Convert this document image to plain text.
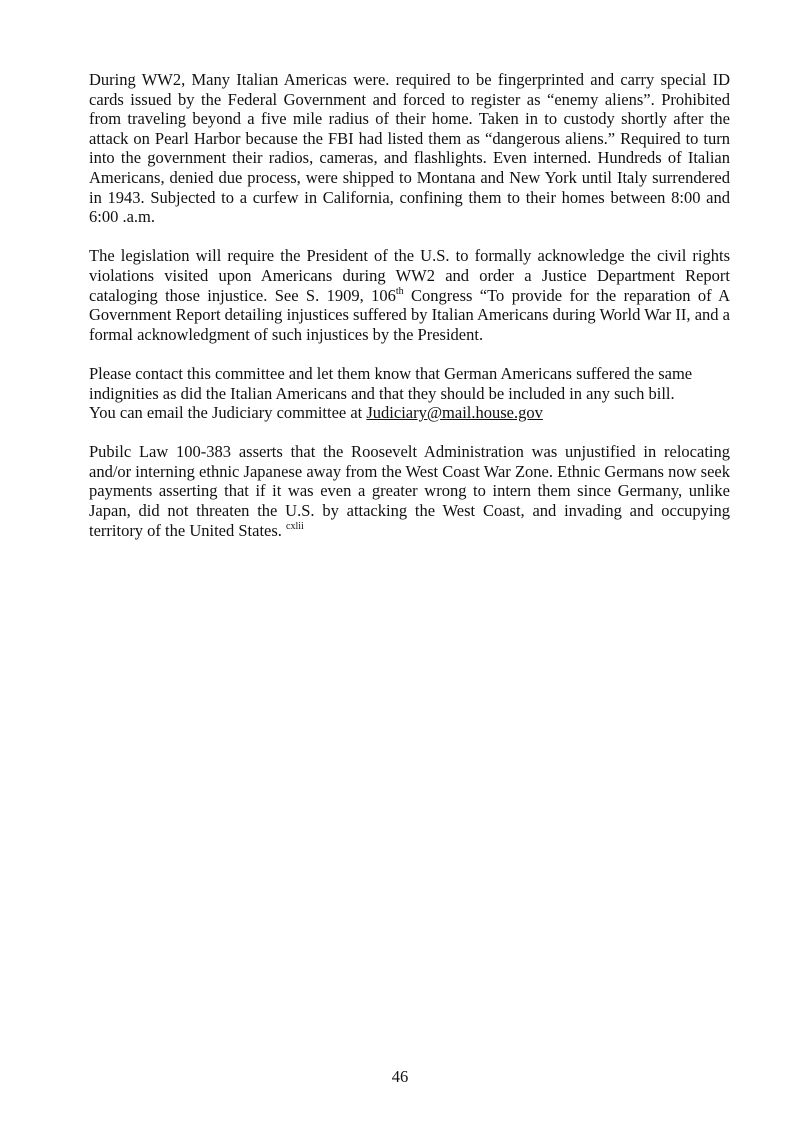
During WW2, Many Italian Americas were. required to be fingerprinted and carry special ID cards issued by the Federal Government and forced to register as “enemy aliens”. Prohibited from traveling beyond a five mile radius of their home. Taken in to custody shortly after the attack on Pearl Harbor because the FBI had listed them as “dangerous aliens.” Required to turn into the government their radios, cameras, and flashlights. Even interned. Hundreds of Italian Americans, denied due process, were shipped to Montana and New York until Italy surrendered in 1943. Subjected to a curfew in California, confining them to their homes between 8:00 and 6:00 .a.m.

The legislation will require the President of the U.S. to formally acknowledge the civil rights violations visited upon Americans during WW2 and order a Justice Department Report cataloging those injustice. See S. 1909, 106th Congress “To provide for the reparation of A Government Report detailing injustices suffered by Italian Americans during World War II, and a formal acknowledgment of such injustices by the President.

Please contact this committee and let them know that German Americans suffered the same
indignities as did the Italian Americans and that they should be included in any such bill.
You can email the Judiciary committee at Judiciary@mail.house.gov

Pubilc Law 100-383 asserts that the Roosevelt Administration was unjustified in relocating and/or interning ethnic Japanese away from the West Coast War Zone. Ethnic Germans now seek payments asserting that if it was even a greater wrong to intern them since Germany, unlike Japan, did not threaten the U.S. by attacking the West Coast, and invading and occupying territory of the United States. $^{cxlii}$

46
